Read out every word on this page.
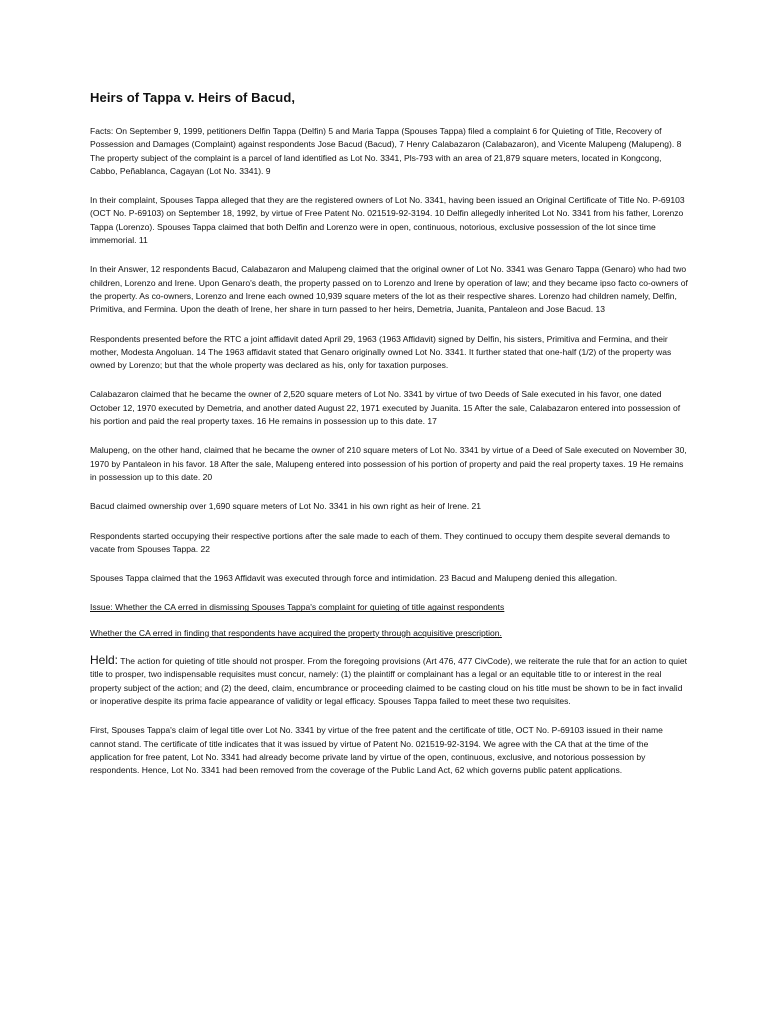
Heirs of Tappa v. Heirs of Bacud,

Facts: On September 9, 1999, petitioners Delfin Tappa (Delfin) 5 and Maria Tappa (Spouses Tappa) filed a complaint 6 for Quieting of Title, Recovery of Possession and Damages (Complaint) against respondents Jose Bacud (Bacud), 7 Henry Calabazaron (Calabazaron), and Vicente Malupeng (Malupeng). 8 The property subject of the complaint is a parcel of land identified as Lot No. 3341, Pls-793 with an area of 21,879 square meters, located in Kongcong, Cabbo, Peñablanca, Cagayan (Lot No. 3341). 9

In their complaint, Spouses Tappa alleged that they are the registered owners of Lot No. 3341, having been issued an Original Certificate of Title No. P-69103 (OCT No. P-69103) on September 18, 1992, by virtue of Free Patent No. 021519-92-3194. 10 Delfin allegedly inherited Lot No. 3341 from his father, Lorenzo Tappa (Lorenzo). Spouses Tappa claimed that both Delfin and Lorenzo were in open, continuous, notorious, exclusive possession of the lot since time immemorial. 11

In their Answer, 12 respondents Bacud, Calabazaron and Malupeng claimed that the original owner of Lot No. 3341 was Genaro Tappa (Genaro) who had two children, Lorenzo and Irene. Upon Genaro's death, the property passed on to Lorenzo and Irene by operation of law; and they became ipso facto co-owners of the property. As co-owners, Lorenzo and Irene each owned 10,939 square meters of the lot as their respective shares. Lorenzo had children namely, Delfin, Primitiva, and Fermina. Upon the death of Irene, her share in turn passed to her heirs, Demetria, Juanita, Pantaleon and Jose Bacud. 13

Respondents presented before the RTC a joint affidavit dated April 29, 1963 (1963 Affidavit) signed by Delfin, his sisters, Primitiva and Fermina, and their mother, Modesta Angoluan. 14 The 1963 affidavit stated that Genaro originally owned Lot No. 3341. It further stated that one-half (1/2) of the property was owned by Lorenzo; but that the whole property was declared as his, only for taxation purposes.

Calabazaron claimed that he became the owner of 2,520 square meters of Lot No. 3341 by virtue of two Deeds of Sale executed in his favor, one dated October 12, 1970 executed by Demetria, and another dated August 22, 1971 executed by Juanita. 15 After the sale, Calabazaron entered into possession of his portion and paid the real property taxes. 16 He remains in possession up to this date. 17

Malupeng, on the other hand, claimed that he became the owner of 210 square meters of Lot No. 3341 by virtue of a Deed of Sale executed on November 30, 1970 by Pantaleon in his favor. 18 After the sale, Malupeng entered into possession of his portion of property and paid the real property taxes. 19 He remains in possession up to this date. 20

Bacud claimed ownership over 1,690 square meters of Lot No. 3341 in his own right as heir of Irene. 21

Respondents started occupying their respective portions after the sale made to each of them. They continued to occupy them despite several demands to vacate from Spouses Tappa. 22

Spouses Tappa claimed that the 1963 Affidavit was executed through force and intimidation. 23 Bacud and Malupeng denied this allegation.

Issue: Whether the CA erred in dismissing Spouses Tappa's complaint for quieting of title against respondents

Whether the CA erred in finding that respondents have acquired the property through acquisitive prescription.

Held: The action for quieting of title should not prosper. From the foregoing provisions (Art 476, 477 CivCode), we reiterate the rule that for an action to quiet title to prosper, two indispensable requisites must concur, namely: (1) the plaintiff or complainant has a legal or an equitable title to or interest in the real property subject of the action; and (2) the deed, claim, encumbrance or proceeding claimed to be casting cloud on his title must be shown to be in fact invalid or inoperative despite its prima facie appearance of validity or legal efficacy. Spouses Tappa failed to meet these two requisites.

First, Spouses Tappa's claim of legal title over Lot No. 3341 by virtue of the free patent and the certificate of title, OCT No. P-69103 issued in their name cannot stand. The certificate of title indicates that it was issued by virtue of Patent No. 021519-92-3194. We agree with the CA that at the time of the application for free patent, Lot No. 3341 had already become private land by virtue of the open, continuous, exclusive, and notorious possession by respondents. Hence, Lot No. 3341 had been removed from the coverage of the Public Land Act, 62 which governs public patent applications.
